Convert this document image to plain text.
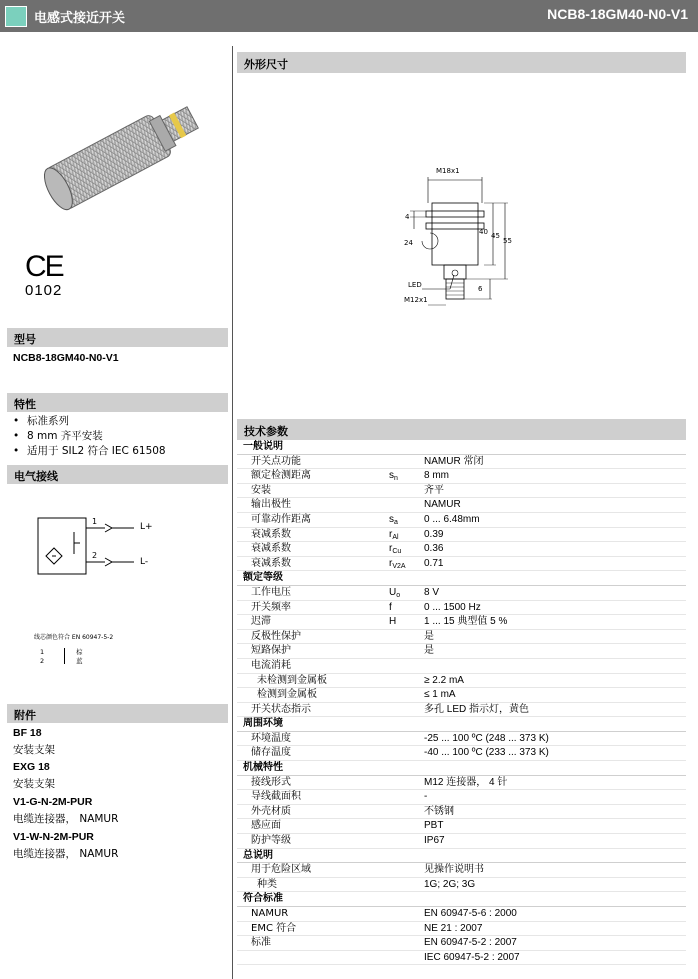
电感式接近开关	NCB8-18GM40-N0-V1
CE
0102
型号
NCB8-18GM40-N0-V1
特性
• 标准系列
• 8 mm 齐平安装
• 适用于 SIL2 符合 IEC 61508
电气接线
1
2
L+
L-
线芯颜色符合 EN 60947-5-2
1	棕
2	蓝
附件
BF 18
安装支架
EXG 18
安装支架
V1-G-N-2M-PUR
电缆连接器， NAMUR
V1-W-N-2M-PUR
电缆连接器， NAMUR
外形尺寸
M18x1
4
24
40 45
55
6
LED
M12x1
技术参数
一般说明
开关点功能	NAMUR 常闭
额定检测距离	$s_n$	8 mm
安装	齐平
输出极性	NAMUR
可靠动作距离	$s_a$	0 ... 6.48mm
衰减系数	$r_{Al}$	0.39
衰减系数	$r_{Cu}$ 0.36
衰减系数	$r_{V2A}$ 0.71
额定等级
工作电压	$U_o$ 8 V
开关频率	f	0 ... 1500 Hz
迟滞	H	1 ... 15 典型值 5 %
反极性保护	是
短路保护	是
电流消耗
未检测到金属板	≥ 2.2 mA
检测到金属板	≤ 1 mA
开关状态指示	多孔 LED 指示灯，黄色
周围环境
环境温度	-25 ... 100 ºC (248 ... 373 K)
储存温度	-40 ... 100 ºC (233 ... 373 K)
机械特性
接线形式	M12 连接器， 4 针
导线截面积	-
外壳材质	不锈钢
感应面	PBT
防护等级	IP67
总说明
用于危险区域	见操作说明书
种类	1G; 2G; 3G
符合标准
NAMUR	EN 60947-5-6 : 2000
EMC 符合	NE 21 : 2007
标准	EN 60947-5-2 : 2007
IEC 60947-5-2 : 2007
